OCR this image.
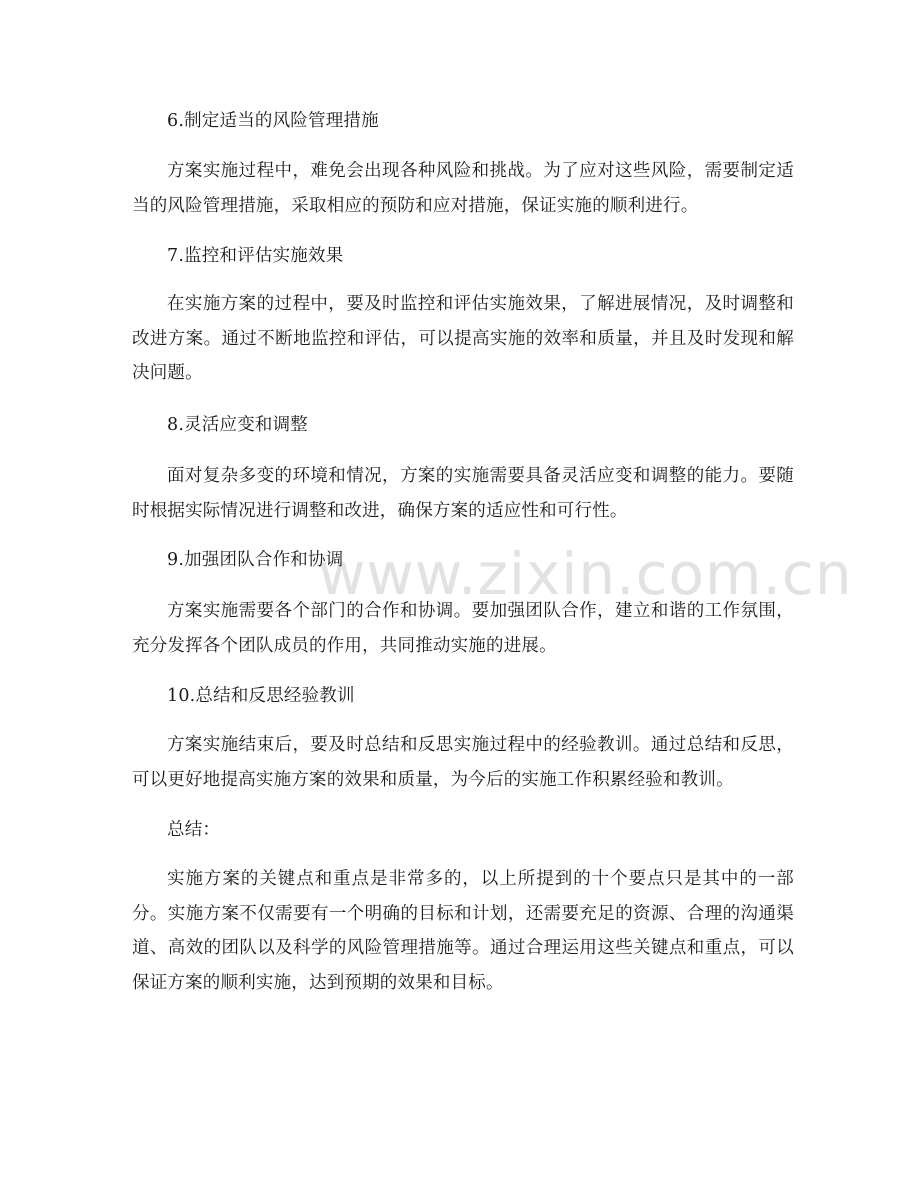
www.zixin.com.cn
6.制定适当的风险管理措施
方案实施过程中，难免会出现各种风险和挑战。为了应对这些风险，需要制定适当的风险管理措施，采取相应的预防和应对措施，保证实施的顺利进行。
7.监控和评估实施效果
在实施方案的过程中，要及时监控和评估实施效果，了解进展情况，及时调整和改进方案。通过不断地监控和评估，可以提高实施的效率和质量，并且及时发现和解决问题。
8.灵活应变和调整
面对复杂多变的环境和情况，方案的实施需要具备灵活应变和调整的能力。要随时根据实际情况进行调整和改进，确保方案的适应性和可行性。
9.加强团队合作和协调
方案实施需要各个部门的合作和协调。要加强团队合作，建立和谐的工作氛围，充分发挥各个团队成员的作用，共同推动实施的进展。
10.总结和反思经验教训
方案实施结束后，要及时总结和反思实施过程中的经验教训。通过总结和反思，可以更好地提高实施方案的效果和质量，为今后的实施工作积累经验和教训。
总结：
实施方案的关键点和重点是非常多的，以上所提到的十个要点只是其中的一部分。实施方案不仅需要有一个明确的目标和计划，还需要充足的资源、合理的沟通渠道、高效的团队以及科学的风险管理措施等。通过合理运用这些关键点和重点，可以保证方案的顺利实施，达到预期的效果和目标。
